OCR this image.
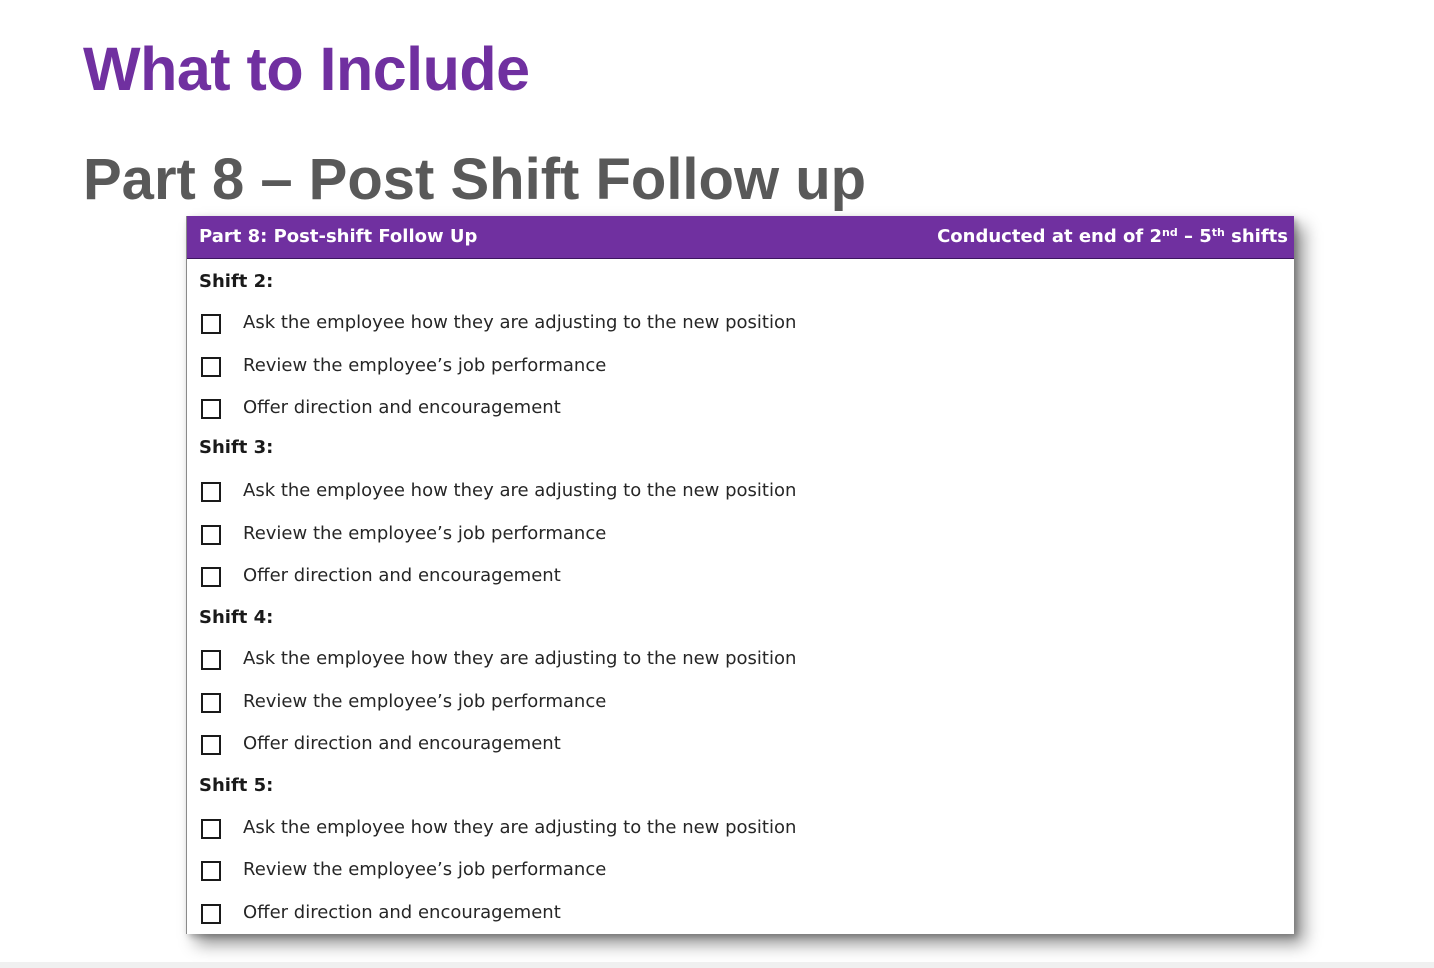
What to Include
Part 8 – Post Shift Follow up
Part 8: Post-shift Follow Up	Conducted at end of 2nd – 5th shifts
Shift 2:
Ask the employee how they are adjusting to the new position
Review the employee’s job performance
Offer direction and encouragement
Shift 3:
Ask the employee how they are adjusting to the new position
Review the employee’s job performance
Offer direction and encouragement
Shift 4:
Ask the employee how they are adjusting to the new position
Review the employee’s job performance
Offer direction and encouragement
Shift 5:
Ask the employee how they are adjusting to the new position
Review the employee’s job performance
Offer direction and encouragement
